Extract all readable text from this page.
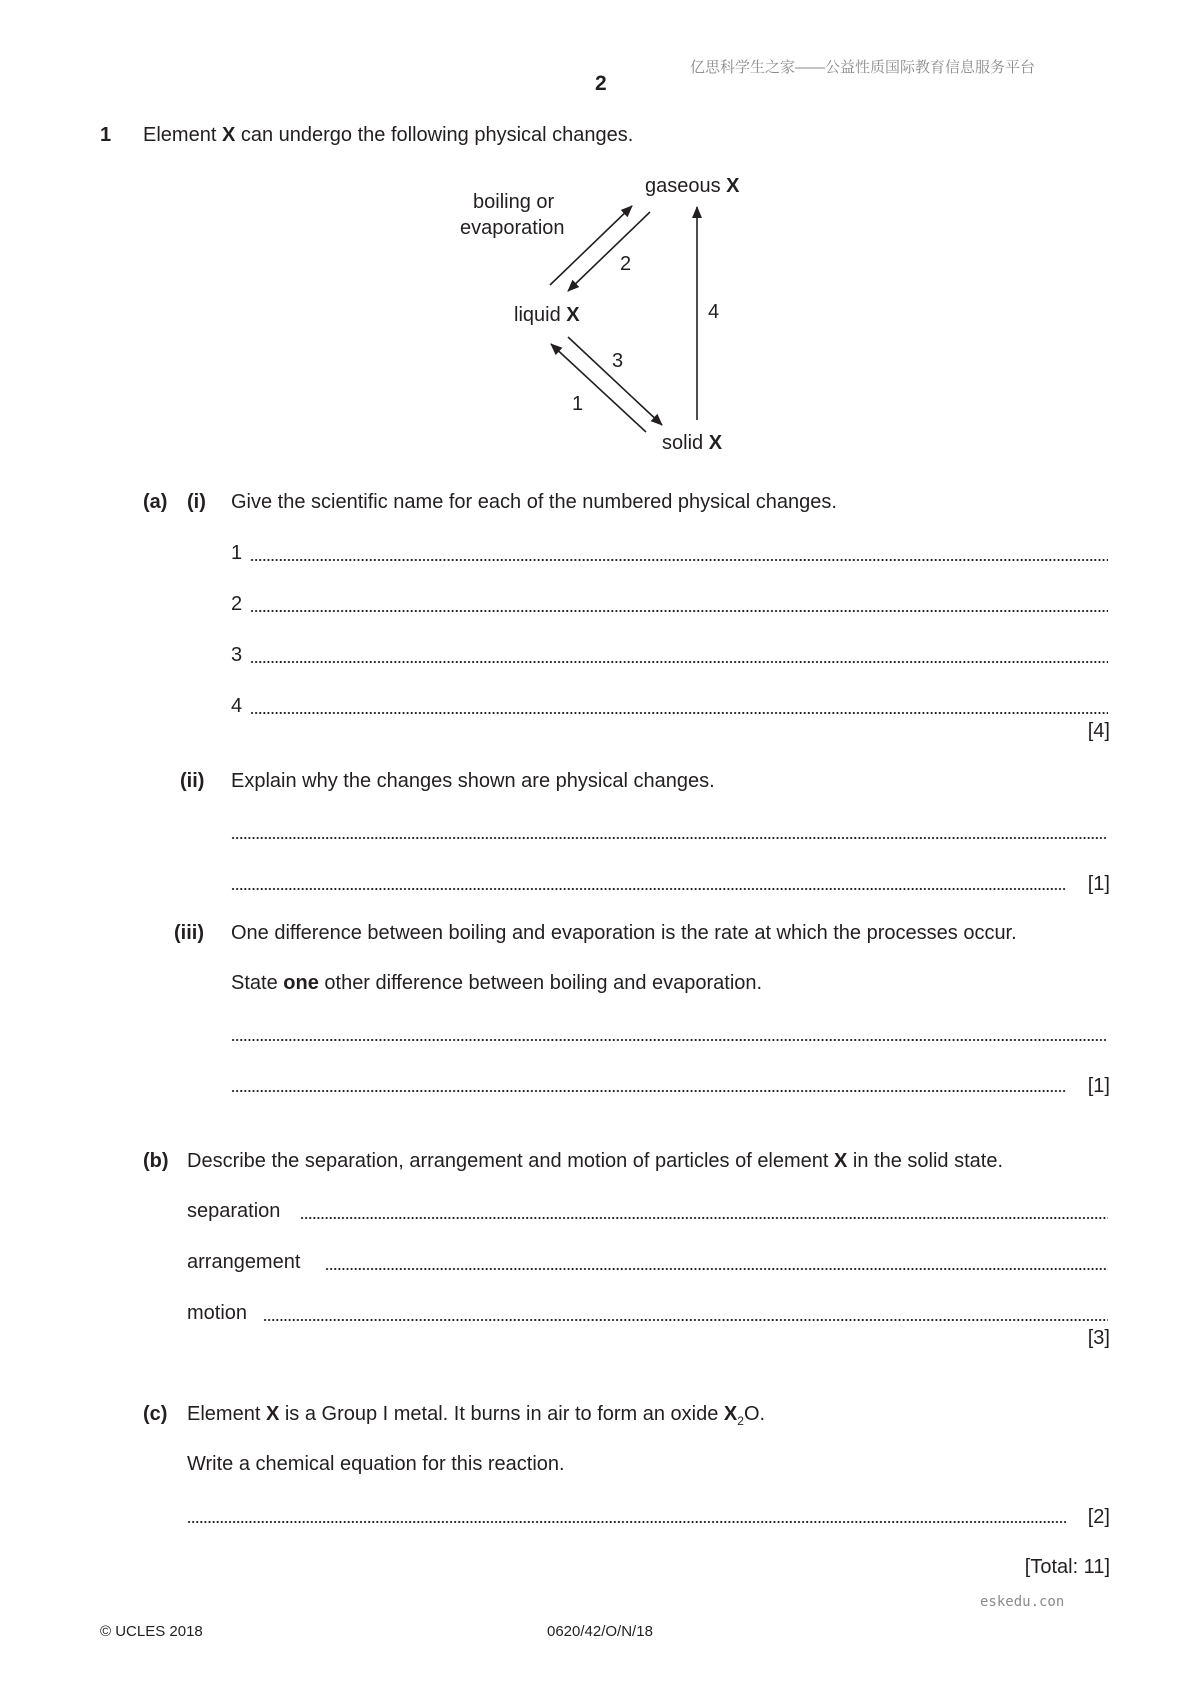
亿思科学生之家——公益性质国际教育信息服务平台
2
1 Element X can undergo the following physical changes.
gaseous X
liquid X
solid X
boiling or
evaporation
2
3
1
4
(a) (i) Give the scientific name for each of the numbered physical changes.
1
2
3
4
[4]
(ii) Explain why the changes shown are physical changes.
[1]
(iii) One difference between boiling and evaporation is the rate at which the processes occur.
State one other difference between boiling and evaporation.
[1]
(b) Describe the separation, arrangement and motion of particles of element X in the solid state.
separation
arrangement
motion
[3]
(c) Element X is a Group I metal. It burns in air to form an oxide $X_2O$.
Write a chemical equation for this reaction.
[2]
[Total: 11]
eskedu.con
© UCLES 2018	0620/42/O/N/18
